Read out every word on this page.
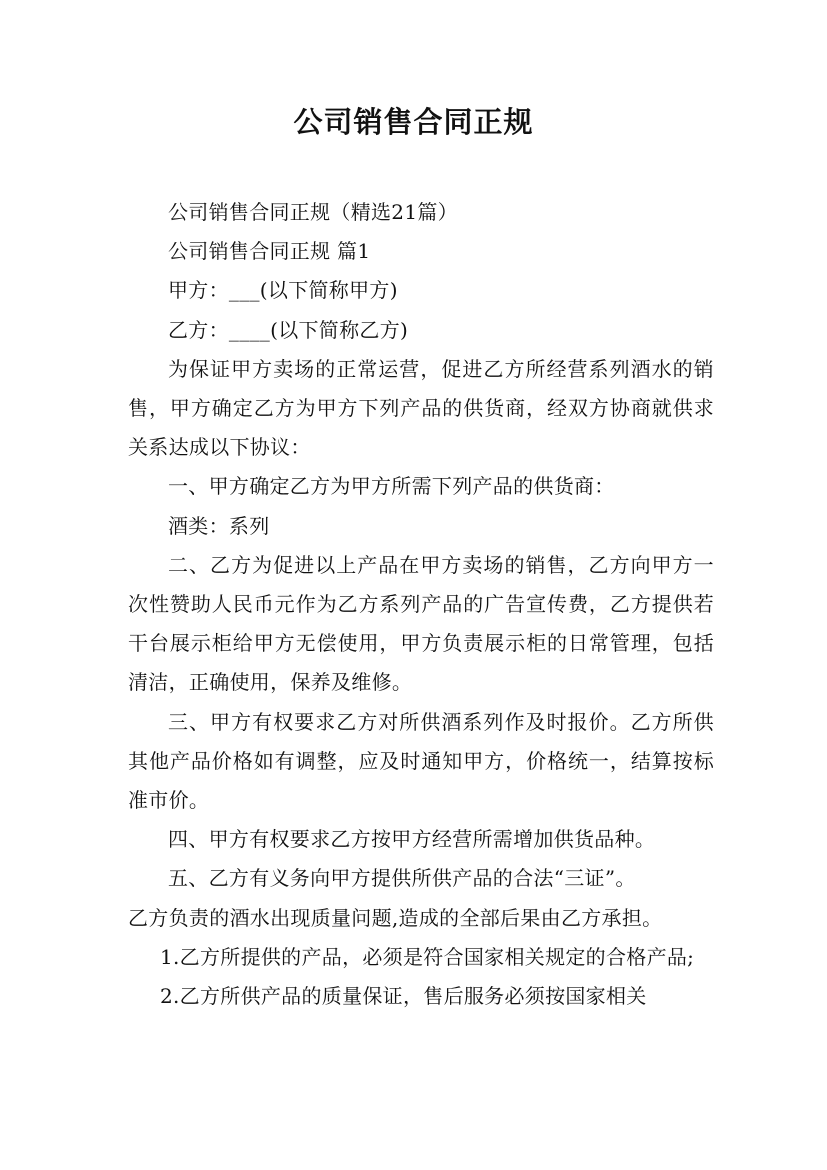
公司销售合同正规

公司销售合同正规（精选21篇）

公司销售合同正规 篇1

甲方：___(以下简称甲方)

乙方：____(以下简称乙方)

为保证甲方卖场的正常运营，促进乙方所经营系列酒水的销售，甲方确定乙方为甲方下列产品的供货商，经双方协商就供求关系达成以下协议：

一、甲方确定乙方为甲方所需下列产品的供货商：

酒类：系列

二、乙方为促进以上产品在甲方卖场的销售，乙方向甲方一次性赞助人民币元作为乙方系列产品的广告宣传费，乙方提供若干台展示柜给甲方无偿使用，甲方负责展示柜的日常管理，包括清洁，正确使用，保养及维修。

三、甲方有权要求乙方对所供酒系列作及时报价。乙方所供其他产品价格如有调整，应及时通知甲方，价格统一，结算按标准市价。

四、甲方有权要求乙方按甲方经营所需增加供货品种。

五、乙方有义务向甲方提供所供产品的合法“三证”。

乙方负责的酒水出现质量问题,造成的全部后果由乙方承担。

1.乙方所提供的产品，必须是符合国家相关规定的合格产品;

2.乙方所供产品的质量保证，售后服务必须按国家相关
